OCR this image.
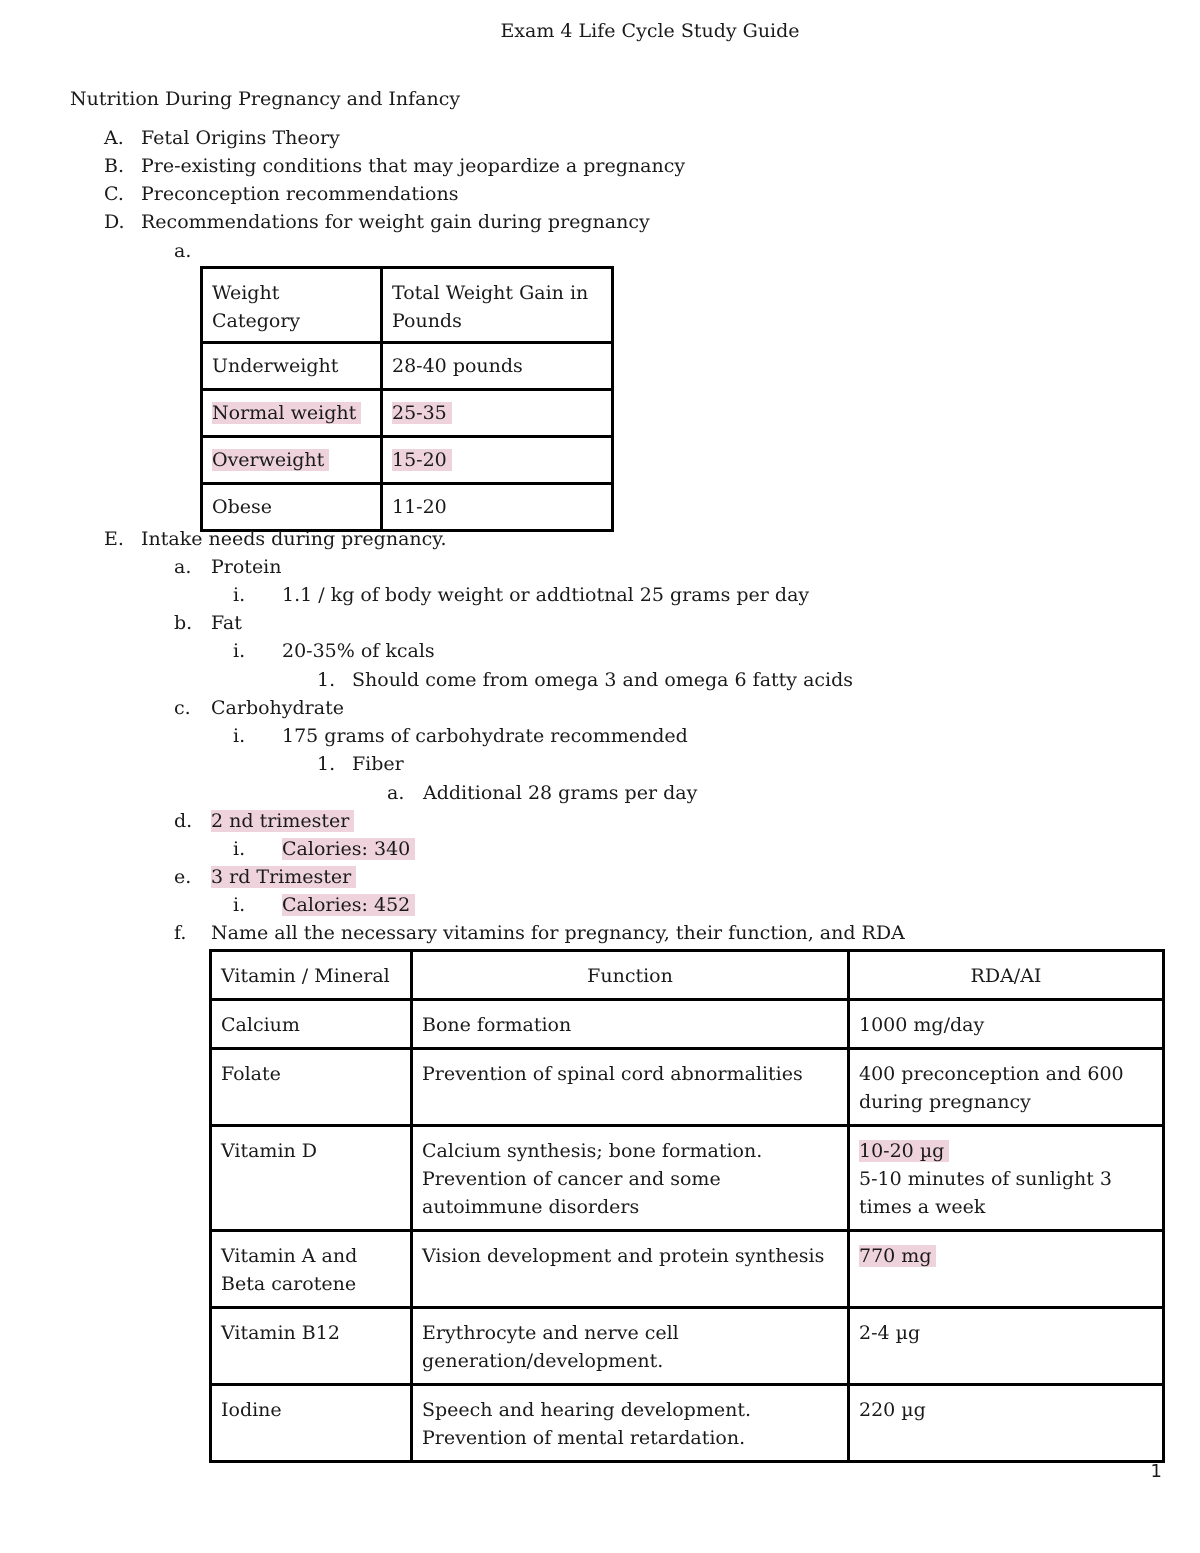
Exam 4 Life Cycle Study Guide
Nutrition During Pregnancy and Infancy
A. Fetal Origins Theory
B. Pre-existing conditions that may jeopardize a pregnancy
C. Preconception recommendations
D. Recommendations for weight gain during pregnancy
a.
Weight Category	Total Weight Gain in Pounds

Underweight	28-40 pounds
Normal weight	25-35
Overweight	15-20
Obese	11-20
E. Intake needs during pregnancy.
a. Protein
i. 1.1 / kg of body weight or addtiotnal 25 grams per day
b. Fat
i. 20-35% of kcals
1. Should come from omega 3 and omega 6 fatty acids
c. Carbohydrate
i. 175 grams of carbohydrate recommended
1. Fiber
a. Additional 28 grams per day
d. 2 nd trimester
i. Calories: 340
e. 3 rd Trimester
i. Calories: 452
f. Name all the necessary vitamins for pregnancy, their function, and RDA
Vitamin / Mineral	Function	RDA/AI
Calcium	Bone formation	1000 mg/day
Folate	Prevention of spinal cord abnormalities	400 preconception and 600 during pregnancy
Vitamin D	Calcium synthesis; bone formation. Prevention of cancer and some autoimmune disorders	10-20 µg
5-10 minutes of sunlight 3 times a week
Vitamin A and Beta carotene	Vision development and protein synthesis	770 mg
Vitamin B12	Erythrocyte and nerve cell generation/development.	2-4 µg
Iodine	Speech and hearing development. Prevention of mental retardation.	220 µg
1
